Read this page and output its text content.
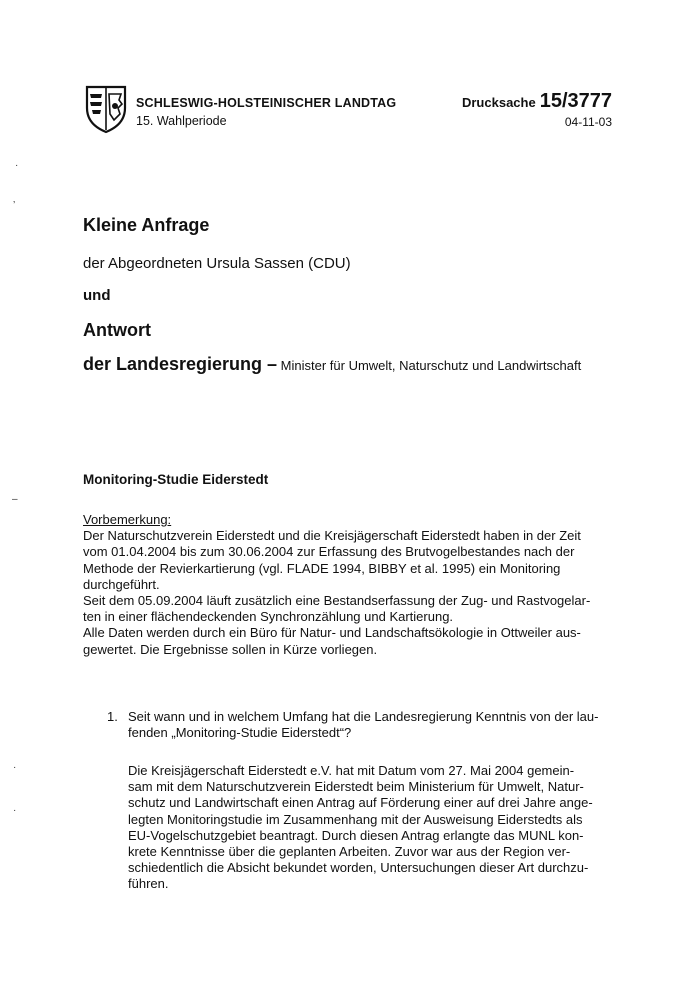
SCHLESWIG-HOLSTEINISCHER LANDTAG
15. Wahlperiode
Drucksache 15/3777
04-11-03
·
’
–
·
·
Kleine Anfrage
der Abgeordneten Ursula Sassen (CDU)
und
Antwort
der Landesregierung – Minister für Umwelt, Naturschutz und Landwirtschaft
Monitoring-Studie Eiderstedt

Vorbemerkung:

Der Naturschutzverein Eiderstedt und die Kreisjägerschaft Eiderstedt haben in der Zeit

vom 01.04.2004 bis zum 30.06.2004 zur Erfassung des Brutvogelbestandes nach der

Methode der Revierkartierung (vgl. FLADE 1994, BIBBY et al. 1995) ein Monitoring

durchgeführt.

Seit dem 05.09.2004 läuft zusätzlich eine Bestandserfassung der Zug- und Rastvogelar-

ten in einer flächendeckenden Synchronzählung und Kartierung.

Alle Daten werden durch ein Büro für Natur- und Landschaftsökologie in Ottweiler aus-

gewertet. Die Ergebnisse sollen in Kürze vorliegen.

1. Seit wann und in welchem Umfang hat die Landesregierung Kenntnis von der lau-
fenden „Monitoring-Studie Eiderstedt“?
Die Kreisjägerschaft Eiderstedt e.V. hat mit Datum vom 27. Mai 2004 gemein-
sam mit dem Naturschutzverein Eiderstedt beim Ministerium für Umwelt, Natur-
schutz und Landwirtschaft einen Antrag auf Förderung einer auf drei Jahre ange-
legten Monitoringstudie im Zusammenhang mit der Ausweisung Eiderstedts als
EU-Vogelschutzgebiet beantragt. Durch diesen Antrag erlangte das MUNL kon-
krete Kenntnisse über die geplanten Arbeiten. Zuvor war aus der Region ver-
schiedentlich die Absicht bekundet worden, Untersuchungen dieser Art durchzu-
führen.
